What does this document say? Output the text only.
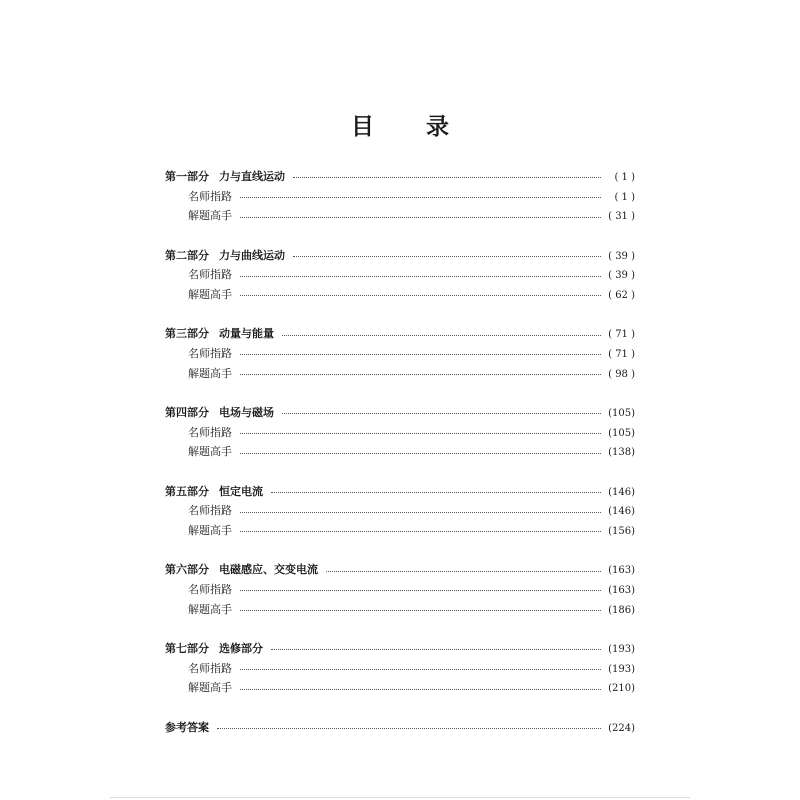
目 录
第一部分 力与直线运动	( 1 )
名师指路	( 1 )
解题高手	( 31 )
第二部分 力与曲线运动	( 39 )
名师指路	( 39 )
解题高手	( 62 )
第三部分 动量与能量	( 71 )
名师指路	( 71 )
解题高手	( 98 )
第四部分 电场与磁场	(105)
名师指路	(105)
解题高手	(138)
第五部分 恒定电流	(146)
名师指路	(146)
解题高手	(156)
第六部分 电磁感应、交变电流	(163)
名师指路	(163)
解题高手	(186)
第七部分 选修部分	(193)
名师指路	(193)
解题高手	(210)
参考答案	(224)
